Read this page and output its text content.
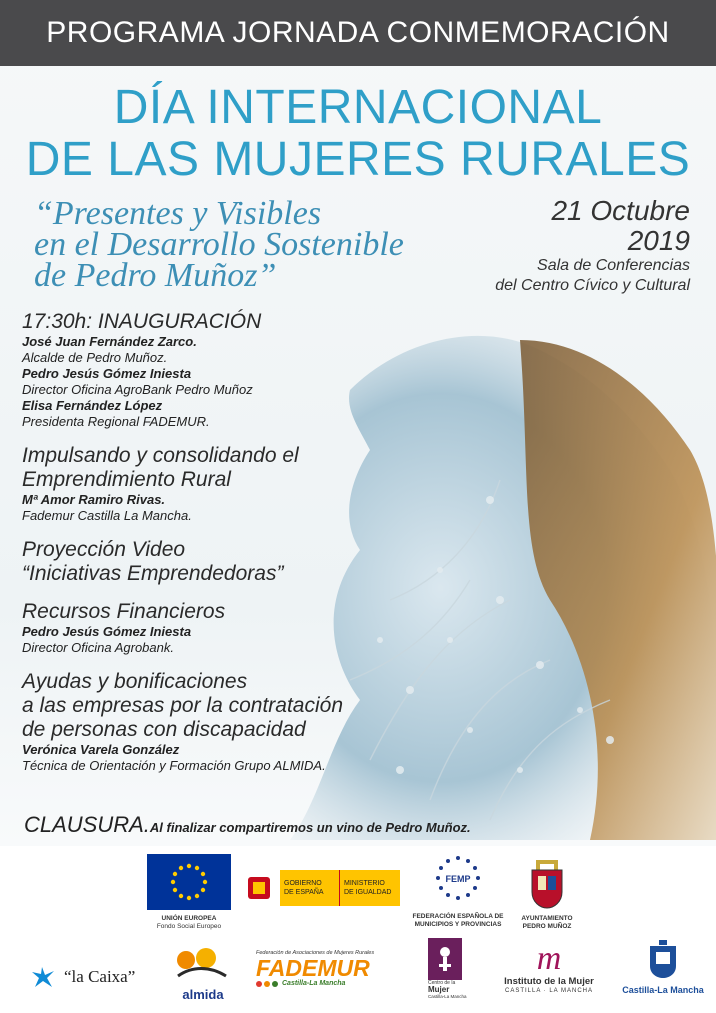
PROGRAMA JORNADA CONMEMORACIÓN
DÍA INTERNACIONAL
DE LAS MUJERES RURALES
“Presentes y Visibles
en el Desarrollo Sostenible
de Pedro Muñoz”
21 Octubre
2019
Sala de Conferencias
del Centro Cívico y Cultural
17:30h: INAUGURACIÓN
José Juan Fernández Zarco.
Alcalde de Pedro Muñoz.
Pedro Jesús Gómez Iniesta
Director Oficina AgroBank Pedro Muñoz
Elisa Fernández López
Presidenta Regional FADEMUR.
Impulsando y consolidando el
Emprendimiento Rural
Mª Amor Ramiro Rivas.
Fademur Castilla La Mancha.
Proyección Video
“Iniciativas Emprendedoras”
Recursos Financieros
Pedro Jesús Gómez Iniesta
Director Oficina Agrobank.
Ayudas y bonificaciones
a las empresas por la contratación
de personas con discapacidad
Verónica Varela González
Técnica de Orientación y Formación Grupo ALMIDA.
CLAUSURA.Al finalizar compartiremos un vino de Pedro Muñoz.
UNIÓN EUROPEA
Fondo Social Europeo
GOBIERNO
DE ESPAÑA
MINISTERIO
DE IGUALDAD
FEMP
FEDERACIÓN ESPAÑOLA DE
MUNICIPIOS Y PROVINCIAS
AYUNTAMIENTO
PEDRO MUÑOZ
“la Caixa”
almida
Federación de Asociaciones de Mujeres Rurales
FADEMUR
Castilla-La Mancha	Centro de la
Mujer
Castilla-La Mancha
m
Instituto de la Mujer
CASTILLA · LA MANCHA	Castilla-La Mancha
